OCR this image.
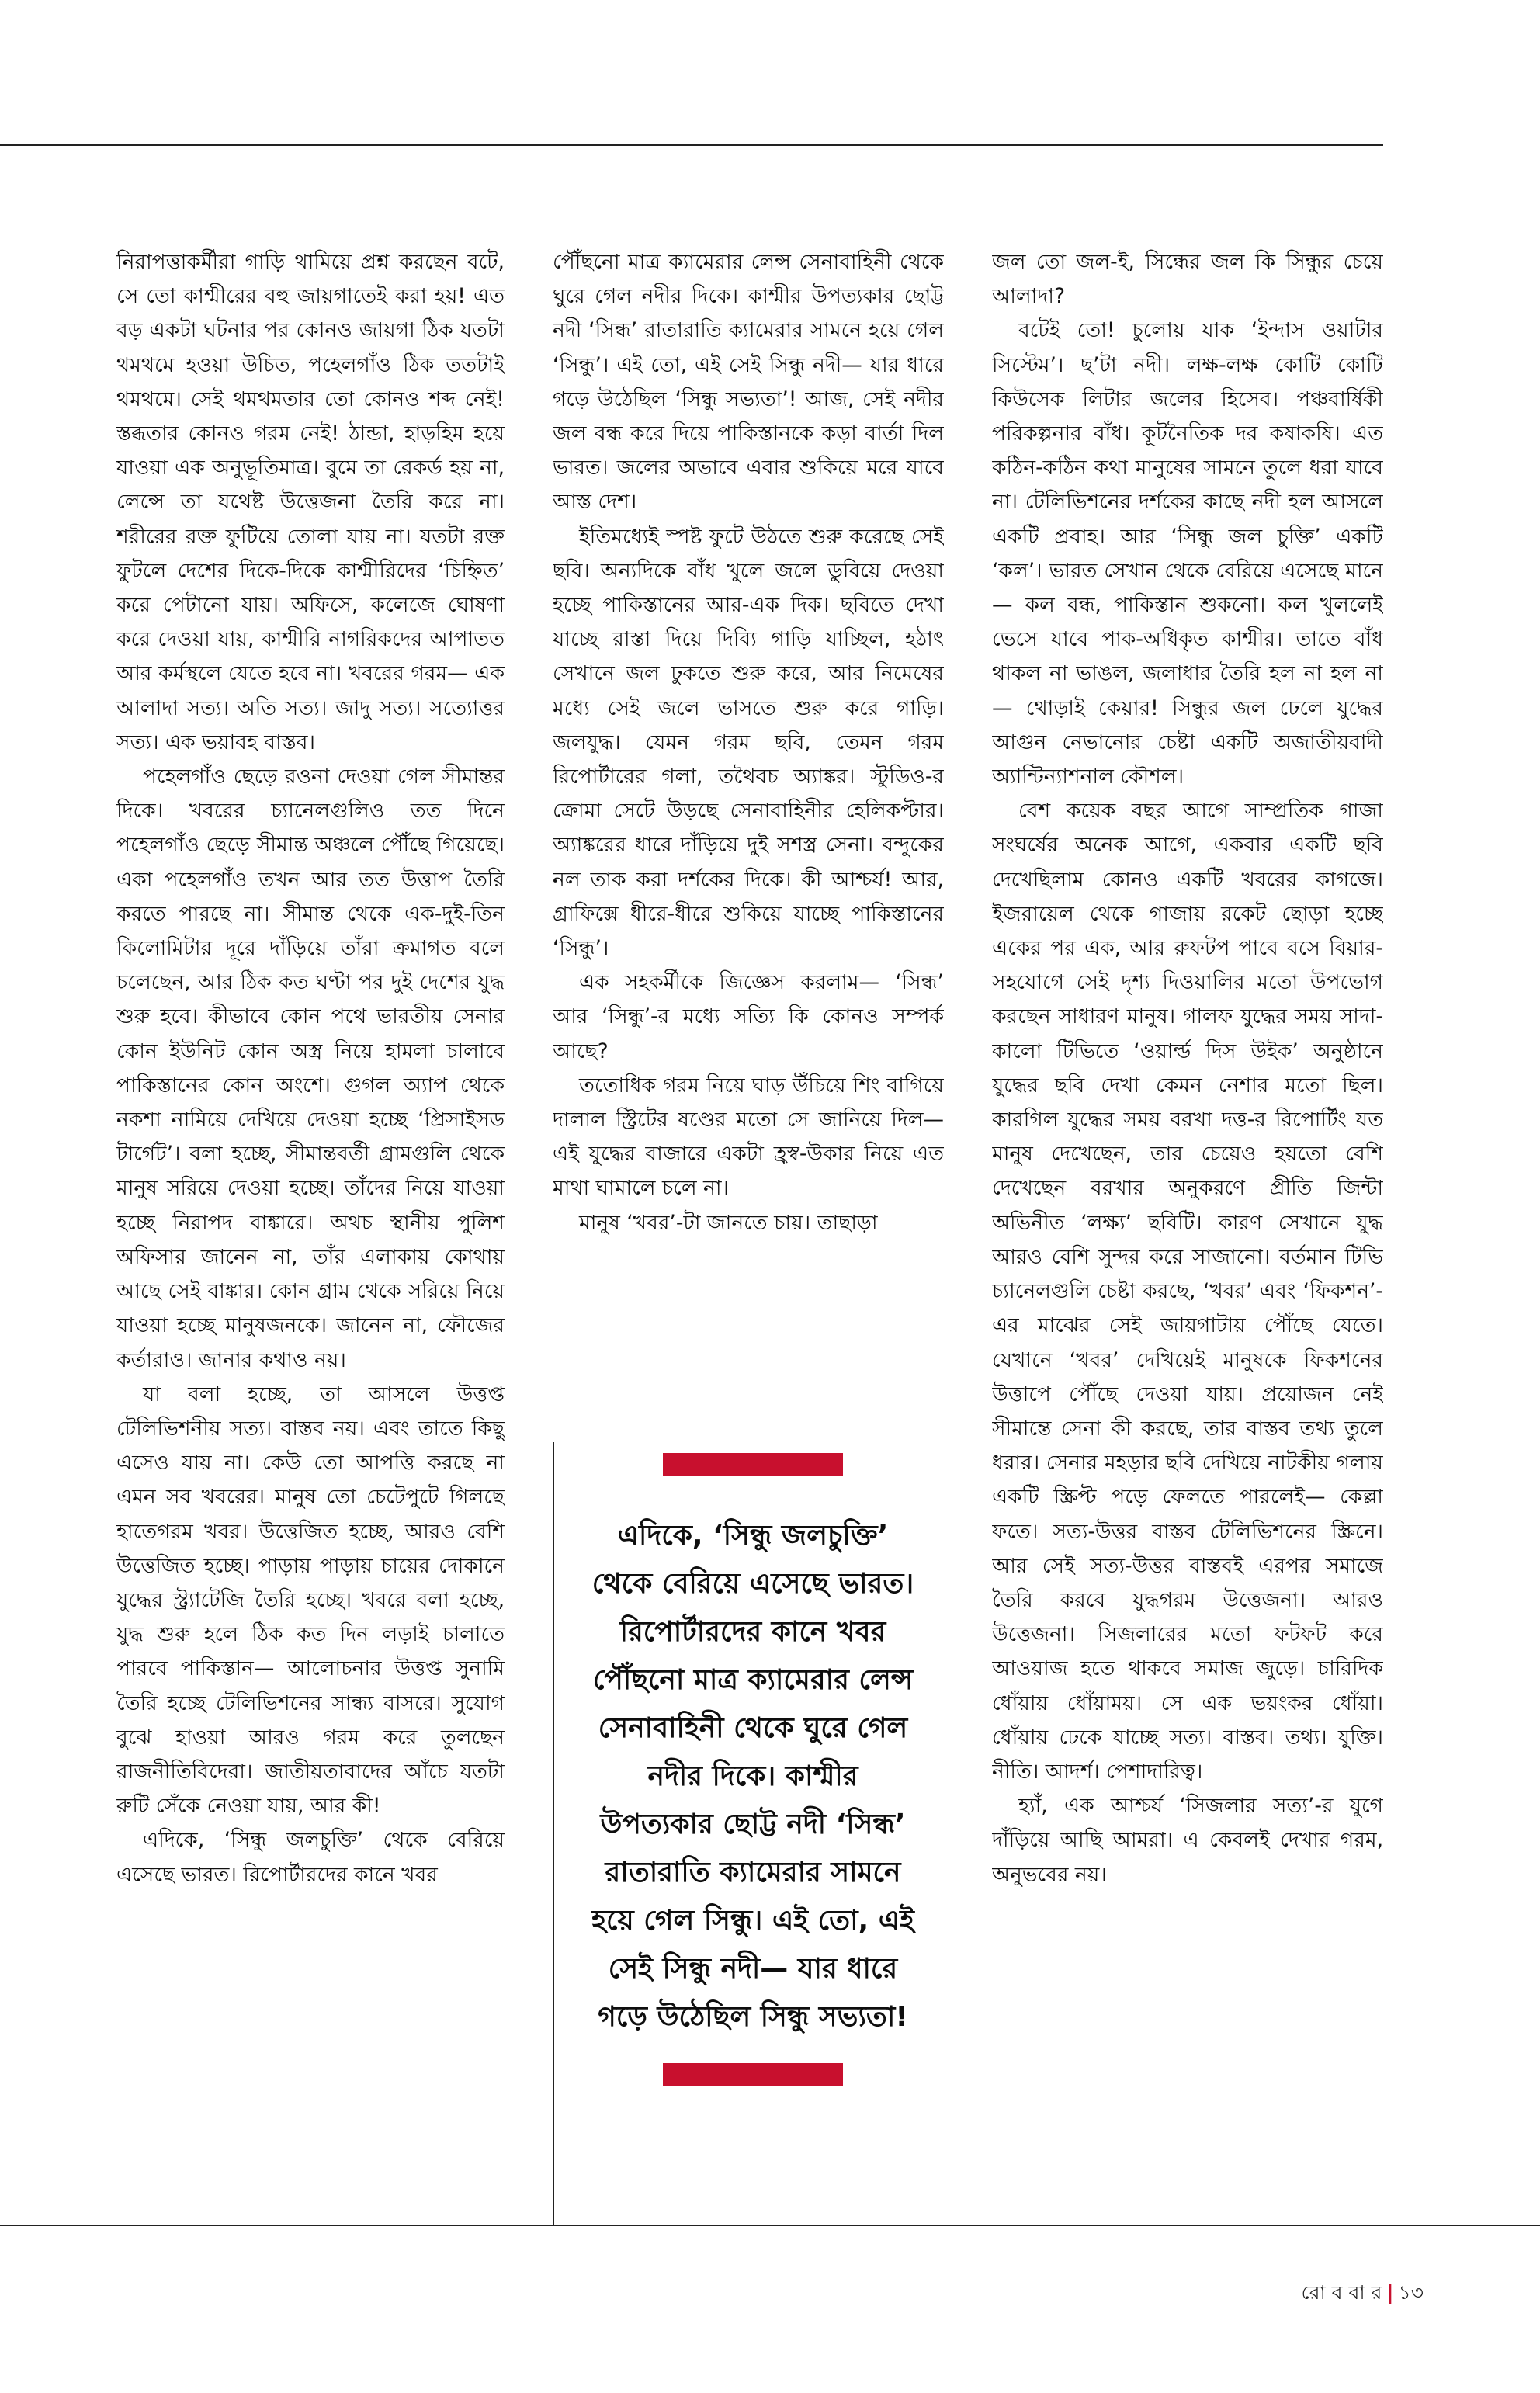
নিরাপত্তাকর্মীরা গাড়ি থামিয়ে প্রশ্ন করছেন বটে, সে তো কাশ্মীরের বহু জায়গাতেই করা হয়! এত বড় একটা ঘটনার পর কোনও জায়গা ঠিক যতটা থমথমে হওয়া উচিত, পহেলগাঁও ঠিক ততটাই থমথমে। সেই থমথমতার তো কোনও শব্দ নেই! স্তব্ধতার কোনও গরম নেই! ঠান্ডা, হাড়হিম হয়ে যাওয়া এক অনুভূতিমাত্র। বুমে তা রেকর্ড হয় না, লেন্সে তা যথেষ্ট উত্তেজনা তৈরি করে না। শরীরের রক্ত ফুটিয়ে তোলা যায় না। যতটা রক্ত ফুটলে দেশের দিকে-দিকে কাশ্মীরিদের ‘চিহ্নিত’ করে পেটানো যায়। অফিসে, কলেজে ঘোষণা করে দেওয়া যায়, কাশ্মীরি নাগরিকদের আপাতত আর কর্মস্থলে যেতে হবে না। খবরের গরম— এক আলাদা সত্য। অতি সত্য। জাদু সত্য। সত্যোত্তর সত্য। এক ভয়াবহ বাস্তব।

পহেলগাঁও ছেড়ে রওনা দেওয়া গেল সীমান্তর দিকে। খবরের চ্যানেলগুলিও তত দিনে পহেলগাঁও ছেড়ে সীমান্ত অঞ্চলে পৌঁছে গিয়েছে। একা পহেলগাঁও তখন আর তত উত্তাপ তৈরি করতে পারছে না। সীমান্ত থেকে এক-দুই-তিন কিলোমিটার দূরে দাঁড়িয়ে তাঁরা ক্রমাগত বলে চলেছেন, আর ঠিক কত ঘণ্টা পর দুই দেশের যুদ্ধ শুরু হবে। কীভাবে কোন পথে ভারতীয় সেনার কোন ইউনিট কোন অস্ত্র নিয়ে হামলা চালাবে পাকিস্তানের কোন অংশে। গুগল অ্যাপ থেকে নকশা নামিয়ে দেখিয়ে দেওয়া হচ্ছে ‘প্রিসাইসড টার্গেট’। বলা হচ্ছে, সীমান্তবর্তী গ্রামগুলি থেকে মানুষ সরিয়ে দেওয়া হচ্ছে। তাঁদের নিয়ে যাওয়া হচ্ছে নিরাপদ বাঙ্কারে। অথচ স্থানীয় পুলিশ অফিসার জানেন না, তাঁর এলাকায় কোথায় আছে সেই বাঙ্কার। কোন গ্রাম থেকে সরিয়ে নিয়ে যাওয়া হচ্ছে মানুষজনকে। জানেন না, ফৌজের কর্তারাও। জানার কথাও নয়।

যা বলা হচ্ছে, তা আসলে উত্তপ্ত টেলিভিশনীয় সত্য। বাস্তব নয়। এবং তাতে কিছু এসেও যায় না। কেউ তো আপত্তি করছে না এমন সব খবরের। মানুষ তো চেটেপুটে গিলছে হাতেগরম খবর। উত্তেজিত হচ্ছে, আরও বেশি উত্তেজিত হচ্ছে। পাড়ায় পাড়ায় চায়ের দোকানে যুদ্ধের স্ট্র্যাটেজি তৈরি হচ্ছে। খবরে বলা হচ্ছে, যুদ্ধ শুরু হলে ঠিক কত দিন লড়াই চালাতে পারবে পাকিস্তান— আলোচনার উত্তপ্ত সুনামি তৈরি হচ্ছে টেলিভিশনের সান্ধ্য বাসরে। সুযোগ বুঝে হাওয়া আরও গরম করে তুলছেন রাজনীতিবিদেরা। জাতীয়তাবাদের আঁচে যতটা রুটি সেঁকে নেওয়া যায়, আর কী!

এদিকে, ‘সিন্ধু জলচুক্তি’ থেকে বেরিয়ে এসেছে ভারত। রিপোর্টারদের কানে খবর

পৌঁছনো মাত্র ক্যামেরার লেন্স সেনাবাহিনী থেকে ঘুরে গেল নদীর দিকে। কাশ্মীর উপত্যকার ছোট্ট নদী ‘সিন্ধ’ রাতারাতি ক্যামেরার সামনে হয়ে গেল ‘সিন্ধু’। এই তো, এই সেই সিন্ধু নদী— যার ধারে গড়ে উঠেছিল ‘সিন্ধু সভ্যতা’! আজ, সেই নদীর জল বন্ধ করে দিয়ে পাকিস্তানকে কড়া বার্তা দিল ভারত। জলের অভাবে এবার শুকিয়ে মরে যাবে আস্ত দেশ।

ইতিমধ্যেই স্পষ্ট ফুটে উঠতে শুরু করেছে সেই ছবি। অন্যদিকে বাঁধ খুলে জলে ডুবিয়ে দেওয়া হচ্ছে পাকিস্তানের আর-এক দিক। ছবিতে দেখা যাচ্ছে রাস্তা দিয়ে দিব্যি গাড়ি যাচ্ছিল, হঠাৎ সেখানে জল ঢুকতে শুরু করে, আর নিমেষের মধ্যে সেই জলে ভাসতে শুরু করে গাড়ি। জলযুদ্ধ। যেমন গরম ছবি, তেমন গরম রিপোর্টারের গলা, তথৈবচ অ্যাঙ্কর। স্টুডিও-র ক্রোমা সেটে উড়ছে সেনাবাহিনীর হেলিকপ্টার। অ্যাঙ্করের ধারে দাঁড়িয়ে দুই সশস্ত্র সেনা। বন্দুকের নল তাক করা দর্শকের দিকে। কী আশ্চর্য! আর, গ্রাফিক্সে ধীরে-ধীরে শুকিয়ে যাচ্ছে পাকিস্তানের ‘সিন্ধু’।

এক সহকর্মীকে জিজ্ঞেস করলাম— ‘সিন্ধ’ আর ‘সিন্ধু’-র মধ্যে সত্যি কি কোনও সম্পর্ক আছে?

ততোধিক গরম নিয়ে ঘাড় উঁচিয়ে শিং বাগিয়ে দালাল স্ট্রিটের ষণ্ডের মতো সে জানিয়ে দিল— এই যুদ্ধের বাজারে একটা হ্রস্ব-উকার নিয়ে এত মাথা ঘামালে চলে না।

মানুষ ‘খবর’-টা জানতে চায়। তাছাড়া

এদিকে, ‘সিন্ধু জলচুক্তি’ থেকে বেরিয়ে এসেছে ভারত। রিপোর্টারদের কানে খবর পৌঁছনো মাত্র ক্যামেরার লেন্স সেনাবাহিনী থেকে ঘুরে গেল নদীর দিকে। কাশ্মীর উপত্যকার ছোট্ট নদী ‘সিন্ধ’ রাতারাতি ক্যামেরার সামনে হয়ে গেল সিন্ধু। এই তো, এই সেই সিন্ধু নদী— যার ধারে গড়ে উঠেছিল সিন্ধু সভ্যতা!

জল তো জল-ই, সিন্ধের জল কি সিন্ধুর চেয়ে আলাদা?

বটেই তো! চুলোয় যাক ‘ইন্দাস ওয়াটার সিস্টেম’। ছ’টা নদী। লক্ষ-লক্ষ কোটি কোটি কিউসেক লিটার জলের হিসেব। পঞ্চবার্ষিকী পরিকল্পনার বাঁধ। কূটনৈতিক দর কষাকষি। এত কঠিন-কঠিন কথা মানুষের সামনে তুলে ধরা যাবে না। টেলিভিশনের দর্শকের কাছে নদী হল আসলে একটি প্রবাহ। আর ‘সিন্ধু জল চুক্তি’ একটি ‘কল’। ভারত সেখান থেকে বেরিয়ে এসেছে মানে— কল বন্ধ, পাকিস্তান শুকনো। কল খুললেই ভেসে যাবে পাক-অধিকৃত কাশ্মীর। তাতে বাঁধ থাকল না ভাঙল, জলাধার তৈরি হল না হল না— থোড়াই কেয়ার! সিন্ধুর জল ঢেলে যুদ্ধের আগুন নেভানোর চেষ্টা একটি অজাতীয়বাদী অ্যান্টিন্যাশনাল কৌশল।

বেশ কয়েক বছর আগে সাম্প্রতিক গাজা সংঘর্ষের অনেক আগে, একবার একটি ছবি দেখেছিলাম কোনও একটি খবরের কাগজে। ইজরায়েল থেকে গাজায় রকেট ছোড়া হচ্ছে একের পর এক, আর রুফটপ পাবে বসে বিয়ার-সহযোগে সেই দৃশ্য দিওয়ালির মতো উপভোগ করছেন সাধারণ মানুষ। গালফ যুদ্ধের সময় সাদা-কালো টিভিতে ‘ওয়ার্ল্ড দিস উইক’ অনুষ্ঠানে যুদ্ধের ছবি দেখা কেমন নেশার মতো ছিল। কারগিল যুদ্ধের সময় বরখা দত্ত-র রিপোর্টিং যত মানুষ দেখেছেন, তার চেয়েও হয়তো বেশি দেখেছেন বরখার অনুকরণে প্রীতি জিন্টা অভিনীত ‘লক্ষ্য’ ছবিটি। কারণ সেখানে যুদ্ধ আরও বেশি সুন্দর করে সাজানো। বর্তমান টিভি চ্যানেলগুলি চেষ্টা করছে, ‘খবর’ এবং ‘ফিকশন’-এর মাঝের সেই জায়গাটায় পৌঁছে যেতে। যেখানে ‘খবর’ দেখিয়েই মানুষকে ফিকশনের উত্তাপে পৌঁছে দেওয়া যায়। প্রয়োজন নেই সীমান্তে সেনা কী করছে, তার বাস্তব তথ্য তুলে ধরার। সেনার মহড়ার ছবি দেখিয়ে নাটকীয় গলায় একটি স্ক্রিপ্ট পড়ে ফেলতে পারলেই— কেল্লা ফতে। সত্য-উত্তর বাস্তব টেলিভিশনের স্ক্রিনে। আর সেই সত্য-উত্তর বাস্তবই এরপর সমাজে তৈরি করবে যুদ্ধগরম উত্তেজনা। আরও উত্তেজনা। সিজলারের মতো ফটফট করে আওয়াজ হতে থাকবে সমাজ জুড়ে। চারিদিক ধোঁয়ায় ধোঁয়াময়। সে এক ভয়ংকর ধোঁয়া। ধোঁয়ায় ঢেকে যাচ্ছে সত্য। বাস্তব। তথ্য। যুক্তি। নীতি। আদর্শ। পেশাদারিত্ব।

হ্যাঁ, এক আশ্চর্য ‘সিজলার সত্য’-র যুগে দাঁড়িয়ে আছি আমরা। এ কেবলই দেখার গরম, অনুভবের নয়।

রো ব বা র | ১৩
